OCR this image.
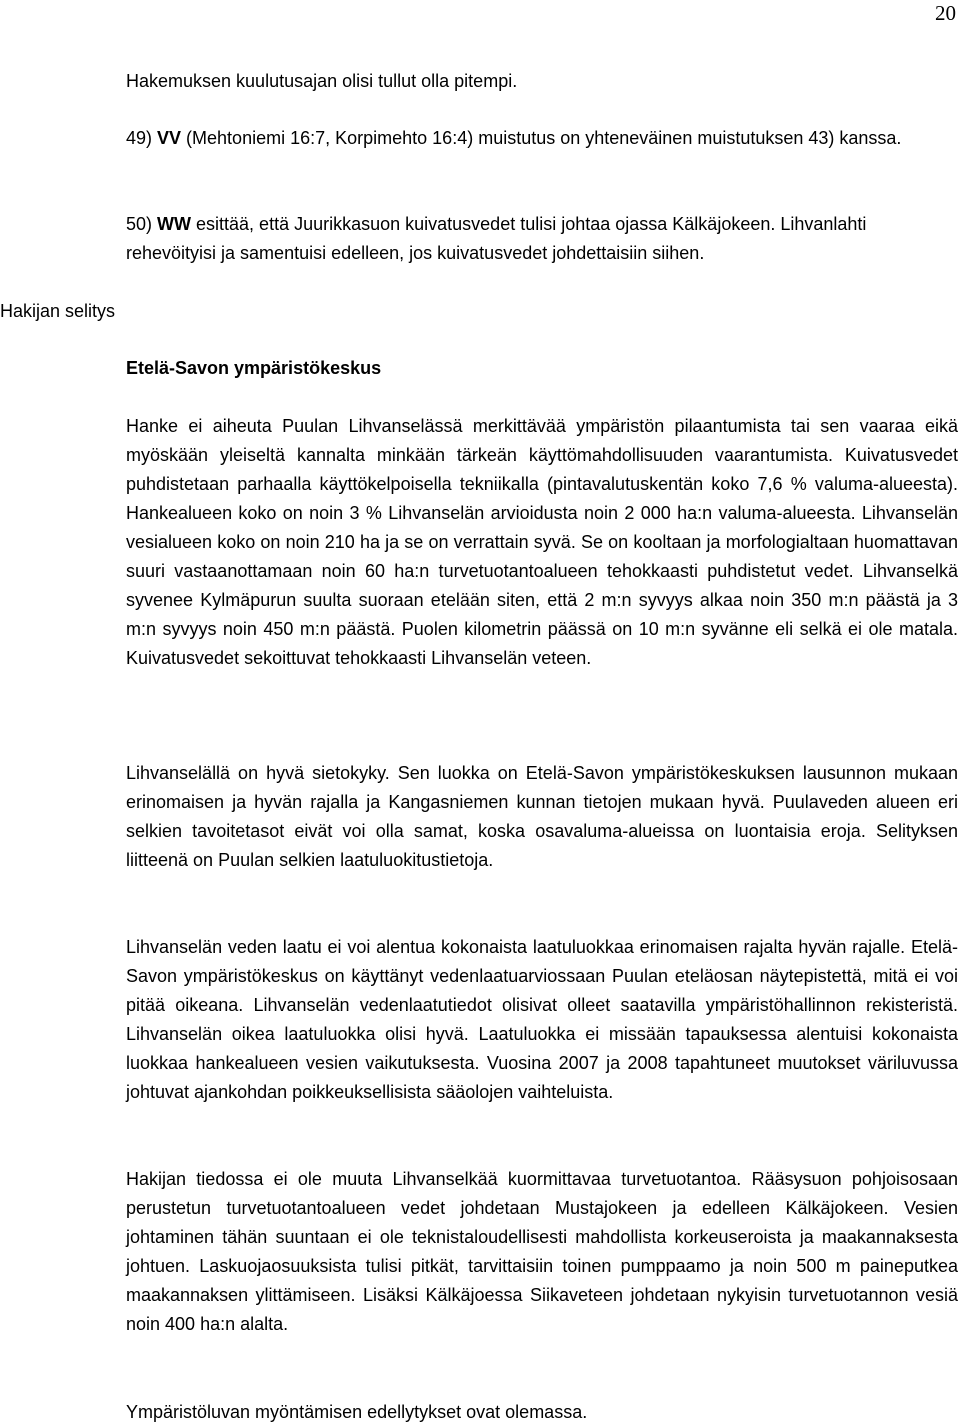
20
Hakijan selitys

Hakemuksen kuulutusajan olisi tullut olla pitempi.

49) VV (Mehtoniemi 16:7, Korpimehto 16:4) muistutus on yhteneväinen muistutuksen 43) kanssa.

50) WW esittää, että Juurikkasuon kuivatusvedet tulisi johtaa ojassa Kälkäjokeen. Lihvanlahti rehevöityisi ja samentuisi edelleen, jos kuivatusvedet johdettaisiin siihen.

Etelä-Savon ympäristökeskus

Hanke ei aiheuta Puulan Lihvanselässä merkittävää ympäristön pilaantumista tai sen vaaraa eikä myöskään yleiseltä kannalta minkään tärkeän käyttömahdollisuuden vaarantumista. Kuivatusvedet puhdistetaan parhaalla käyttökelpoisella tekniikalla (pintavalutuskentän koko 7,6 % valuma-alueesta). Hankealueen koko on noin 3 % Lihvanselän arvioidusta noin 2 000 ha:n valuma-alueesta. Lihvanselän vesialueen koko on noin 210 ha ja se on verrattain syvä. Se on kooltaan ja morfologialtaan huomattavan suuri vastaanottamaan noin 60 ha:n turvetuotantoalueen tehokkaasti puhdistetut vedet. Lihvanselkä syvenee Kylmäpurun suulta suoraan etelään siten, että 2 m:n syvyys alkaa noin 350 m:n päästä ja 3 m:n syvyys noin 450 m:n päästä. Puolen kilometrin päässä on 10 m:n syvänne eli selkä ei ole matala. Kuivatusvedet sekoittuvat tehokkaasti Lihvanselän veteen.

Lihvanselällä on hyvä sietokyky. Sen luokka on Etelä-Savon ympäristökeskuksen lausunnon mukaan erinomaisen ja hyvän rajalla ja Kangasniemen kunnan tietojen mukaan hyvä. Puulaveden alueen eri selkien tavoitetasot eivät voi olla samat, koska osavaluma-alueissa on luontaisia eroja. Selityksen liitteenä on Puulan selkien laatuluokitustietoja.

Lihvanselän veden laatu ei voi alentua kokonaista laatuluokkaa erinomaisen rajalta hyvän rajalle. Etelä-Savon ympäristökeskus on käyttänyt vedenlaatuarviossaan Puulan eteläosan näytepistettä, mitä ei voi pitää oikeana. Lihvanselän vedenlaatutiedot olisivat olleet saatavilla ympäristöhallinnon rekisteristä. Lihvanselän oikea laatuluokka olisi hyvä. Laatuluokka ei missään tapauksessa alentuisi kokonaista luokkaa hankealueen vesien vaikutuksesta. Vuosina 2007 ja 2008 tapahtuneet muutokset väriluvussa johtuvat ajankohdan poikkeuksellisista sääolojen vaihteluista.

Hakijan tiedossa ei ole muuta Lihvanselkää kuormittavaa turvetuotantoa. Rääsysuon pohjoisosaan perustetun turvetuotantoalueen vedet johdetaan Mustajokeen ja edelleen Kälkäjokeen. Vesien johtaminen tähän suuntaan ei ole teknistaloudellisesti mahdollista korkeuseroista ja maakannaksesta johtuen. Laskuojaosuuksista tulisi pitkät, tarvittaisiin toinen pumppaamo ja noin 500 m paineputkea maakannaksen ylittämiseen. Lisäksi Kälkäjoessa Siikaveteen johdetaan nykyisin turvetuotannon vesiä noin 400 ha:n alalta.

Ympäristöluvan myöntämisen edellytykset ovat olemassa.
